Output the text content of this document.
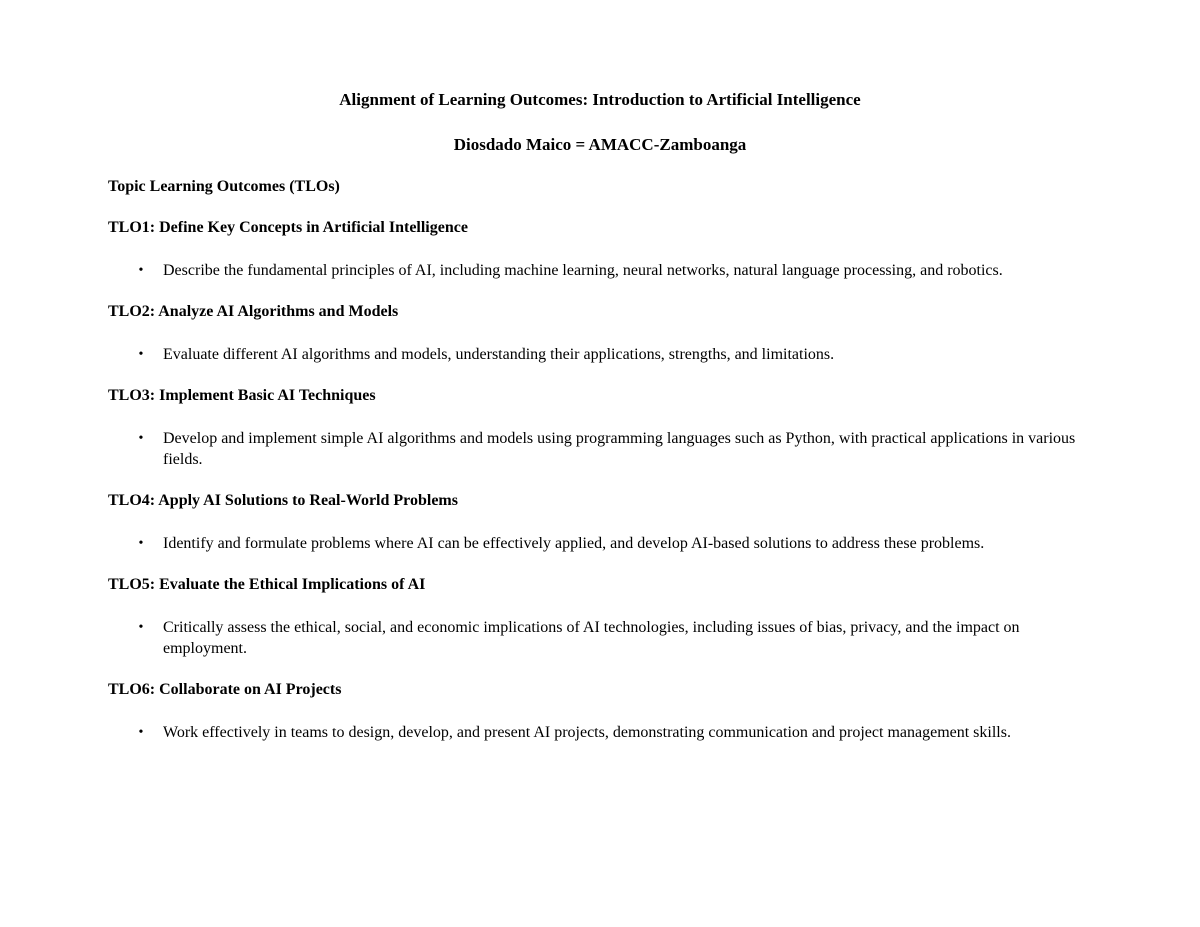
Alignment of Learning Outcomes: Introduction to Artificial Intelligence
Diosdado Maico = AMACC-Zamboanga
Topic Learning Outcomes (TLOs)
TLO1: Define Key Concepts in Artificial Intelligence
• Describe the fundamental principles of AI, including machine learning, neural networks, natural language processing, and robotics.
TLO2: Analyze AI Algorithms and Models
• Evaluate different AI algorithms and models, understanding their applications, strengths, and limitations.
TLO3: Implement Basic AI Techniques
• Develop and implement simple AI algorithms and models using programming languages such as Python, with practical applications in various fields.
TLO4: Apply AI Solutions to Real-World Problems
• Identify and formulate problems where AI can be effectively applied, and develop AI-based solutions to address these problems.
TLO5: Evaluate the Ethical Implications of AI
• Critically assess the ethical, social, and economic implications of AI technologies, including issues of bias, privacy, and the impact on employment.
TLO6: Collaborate on AI Projects
• Work effectively in teams to design, develop, and present AI projects, demonstrating communication and project management skills.
